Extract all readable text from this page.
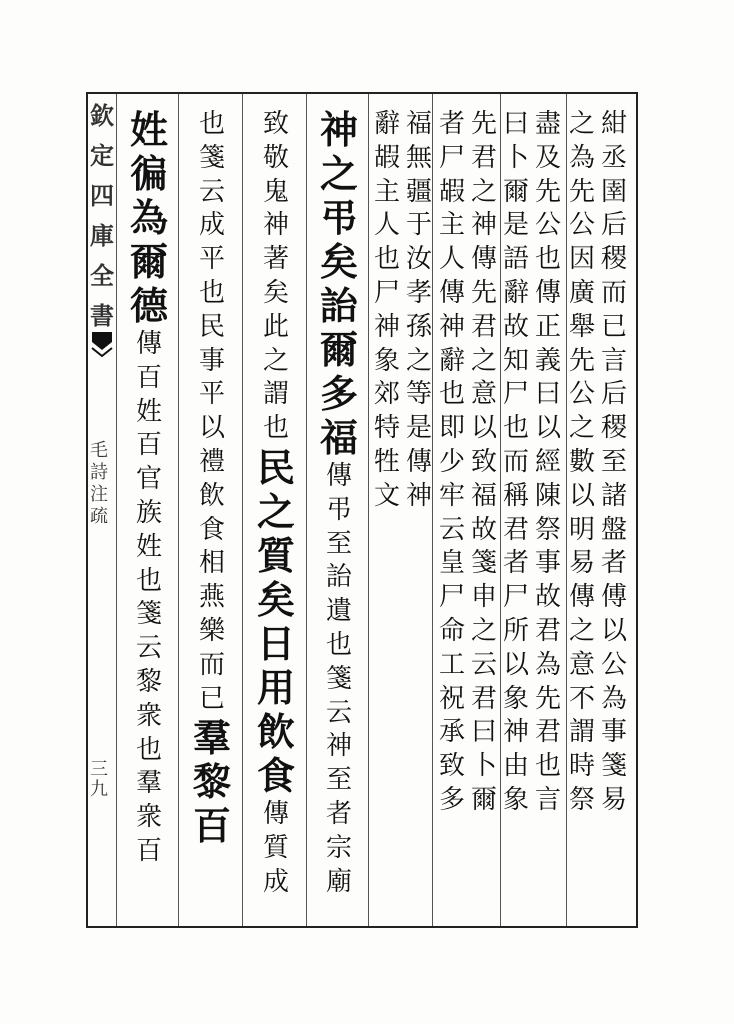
欽
定
四
庫
全
書
毛
詩
注
疏
三
九
紺
丞
圉
后
稷
而
已
言
后
稷
至
諸
盤
者
傅
以
公
為
事
箋
易
之
為
先
公
因
廣
舉
先
公
之
數
以
明
易
傳
之
意
不
謂
時
祭
盡
及
先
公
也
傳
正
義
曰
以
經
陳
祭
事
故
君
為
先
君
也
言
曰
卜
爾
是
語
辭
故
知
尸
也
而
稱
君
者
尸
所
以
象
神
由
象
先
君
之
神
傳
先
君
之
意
以
致
福
故
箋
申
之
云
君
曰
卜
爾
者
尸
嘏
主
人
傳
神
辭
也
即
少
牢
云
皇
尸
命
工
祝
承
致
多
福
無
疆
于
汝
孝
孫
之
等
是
傳
神
辭
嘏
主
人
也
尸
神
象
郊
特
牲
文
神
之
弔
矣
詒
爾
多
福
傳
弔
至
詒
遺
也
箋
云
神
至
者
宗
廟
致
敬
鬼
神
著
矣
此
之
謂
也
民
之
質
矣
日
用
飲
食
傳
質
成
也
箋
云
成
平
也
民
事
平
以
禮
飲
食
相
燕
樂
而
已
羣
黎
百
姓
徧
為
爾
德
傳
百
姓
百
官
族
姓
也
箋
云
黎
衆
也
羣
衆
百
